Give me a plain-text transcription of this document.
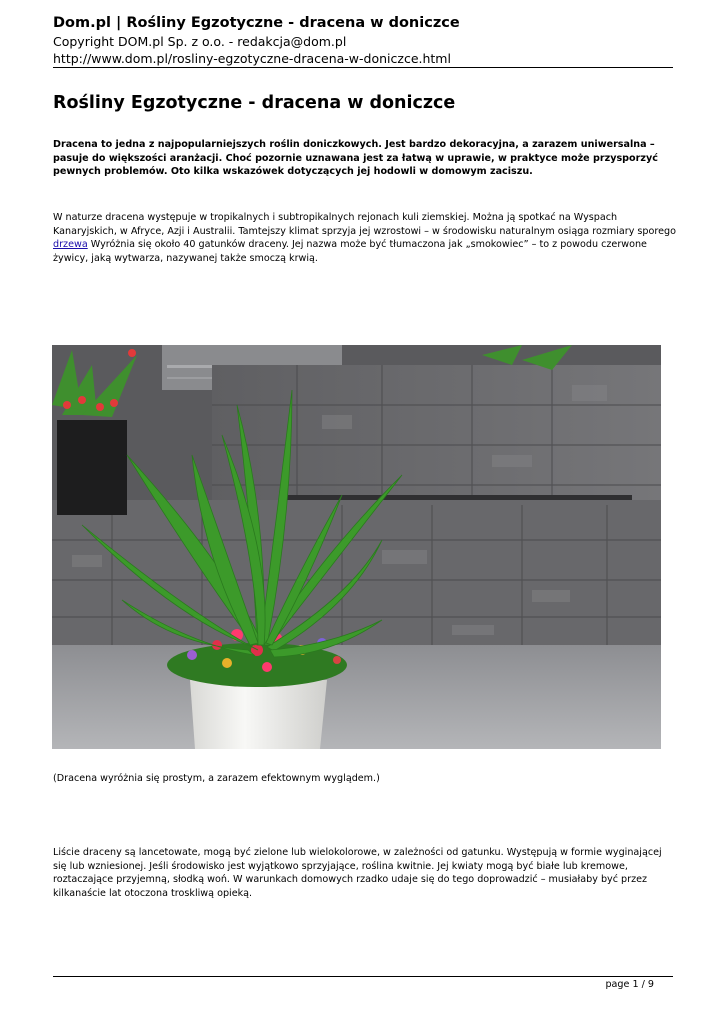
Dom.pl | Rośliny Egzotyczne - dracena w doniczce
Copyright DOM.pl Sp. z o.o. - redakcja@dom.pl
http://www.dom.pl/rosliny-egzotyczne-dracena-w-doniczce.html
Rośliny Egzotyczne - dracena w doniczce

Dracena to jedna z najpopularniejszych roślin doniczkowych. Jest bardzo dekoracyjna, a zarazem uniwersalna – pasuje do większości aranżacji. Choć pozornie uznawana jest za łatwą w uprawie, w praktyce może przysporzyć pewnych problemów. Oto kilka wskazówek dotyczących jej hodowli w domowym zaciszu.

W naturze dracena występuje w tropikalnych i subtropikalnych rejonach kuli ziemskiej. Można ją spotkać na Wyspach Kanaryjskich, w Afryce, Azji i Australii. Tamtejszy klimat sprzyja jej wzrostowi – w środowisku naturalnym osiąga rozmiary sporego drzewa Wyróżnia się około 40 gatunków draceny. Jej nazwa może być tłumaczona jak „smokowiec” – to z powodu czerwone żywicy, jaką wytwarza, nazywanej także smoczą krwią.

(Dracena wyróżnia się prostym, a zarazem efektownym wyglądem.)

Liście draceny są lancetowate, mogą być zielone lub wielokolorowe, w zależności od gatunku. Występują w formie wyginającej się lub wzniesionej. Jeśli środowisko jest wyjątkowo sprzyjające, roślina kwitnie. Jej kwiaty mogą być białe lub kremowe, roztaczające przyjemną, słodką woń. W warunkach domowych rzadko udaje się do tego doprowadzić – musiałaby być przez kilkanaście lat otoczona troskliwą opieką.

page 1 / 9
